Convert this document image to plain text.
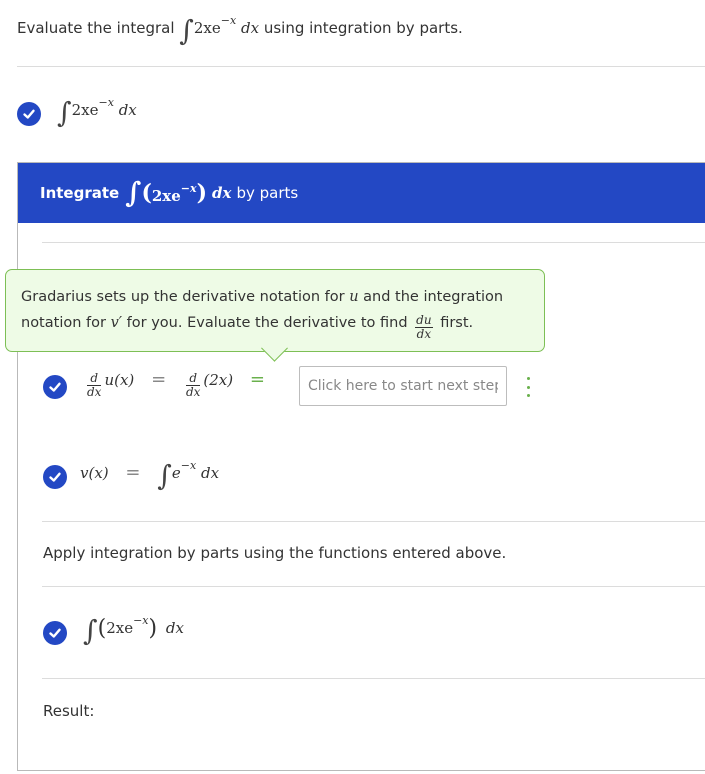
Evaluate the integral $\int 2xe^{-x}$ dx using integration by parts.
$\int 2xe^{-x}$ dx
Integrate ∫ ( $2xe^{-x}$ ) dx by parts
Gradarius sets up the derivative notation for u and the integration
notation for v′ for you. Evaluate the derivative to find $\frac{du}{dx}$ first.
$\frac{d}{dx} u(x) = \frac{d}{dx} (2x)$ =
Click here to start next step
$v(x) = \int e^{-x}$ dx
Apply integration by parts using the functions entered above.
$\int(2xe^{-x})$ dx
Result:
